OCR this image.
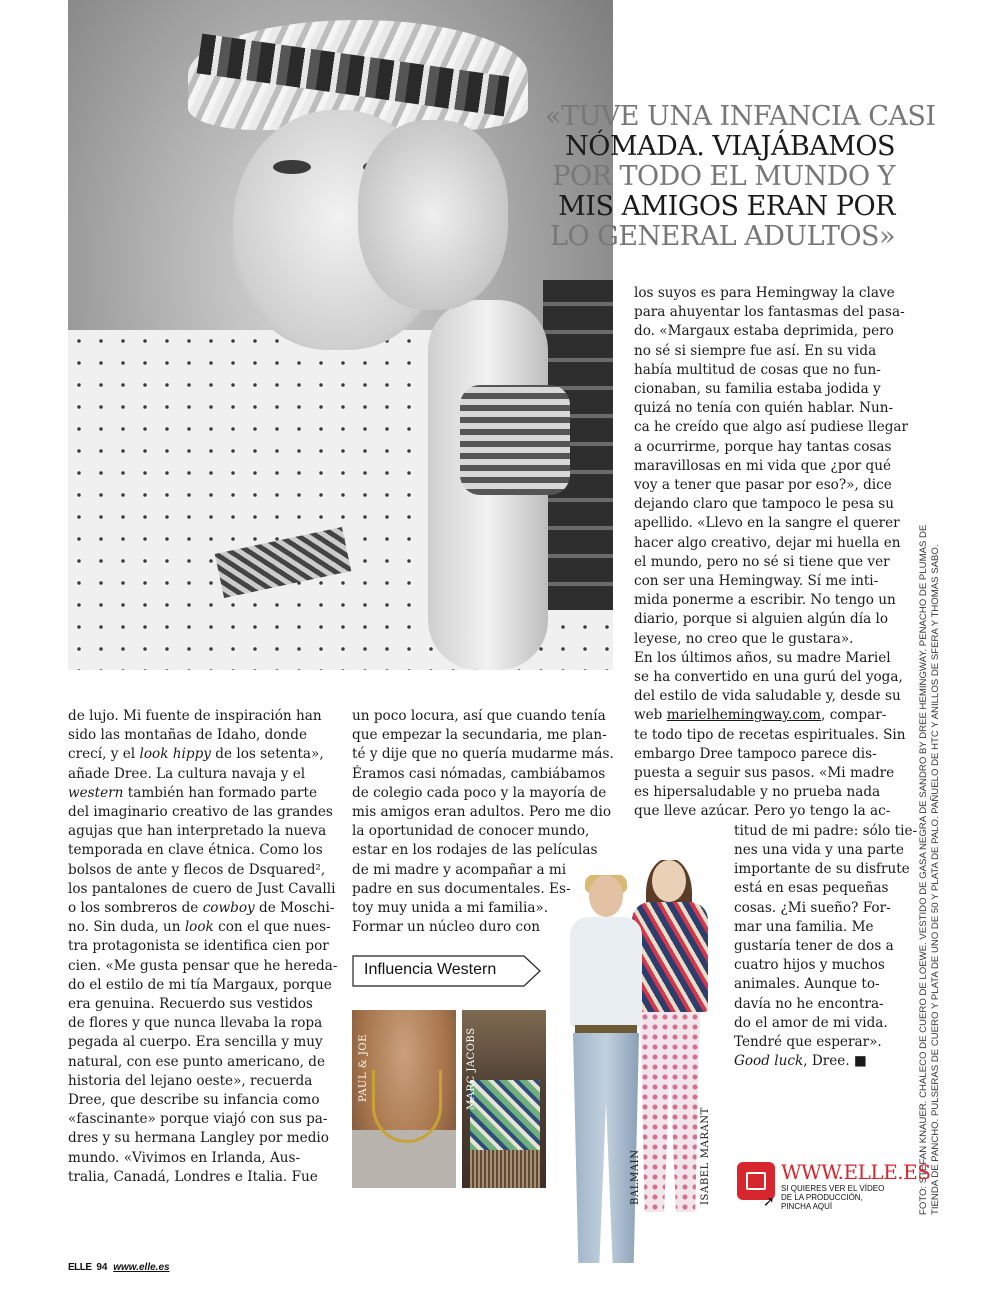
«TUVE UNA INFANCIA CASI
NÓMADA. VIAJÁBAMOS
POR TODO EL MUNDO Y
MIS AMIGOS ERAN POR
LO GENERAL ADULTOS»
los suyos es para Hemingway la clave
para ahuyentar los fantasmas del pasa-
do. «Margaux estaba deprimida, pero
no sé si siempre fue así. En su vida
había multitud de cosas que no fun-
cionaban, su familia estaba jodida y
quizá no tenía con quién hablar. Nun-
ca he creído que algo así pudiese llegar
a ocurrirme, porque hay tantas cosas
maravillosas en mi vida que ¿por qué
voy a tener que pasar por eso?», dice
dejando claro que tampoco le pesa su
apellido. «Llevo en la sangre el querer
hacer algo creativo, dejar mi huella en
el mundo, pero no sé si tiene que ver
con ser una Hemingway. Sí me inti-
mida ponerme a escribir. No tengo un
diario, porque si alguien algún día lo
leyese, no creo que le gustara».
En los últimos años, su madre Mariel
se ha convertido en una gurú del yoga,
del estilo de vida saludable y, desde su
web marielhemingway.com, compar-
te todo tipo de recetas espirituales. Sin
embargo Dree tampoco parece dis-
puesta a seguir sus pasos. «Mi madre
es hipersaludable y no prueba nada
que lleve azúcar. Pero yo tengo la ac-
titud de mi padre: sólo tie-
nes una vida y una parte
importante de su disfrute
está en esas pequeñas
cosas. ¿Mi sueño? For-
mar una familia. Me
gustaría tener de dos a
cuatro hijos y muchos
animales. Aunque to-
davía no he encontra-
do el amor de mi vida.
Tendré que esperar».
Good luck, Dree. ■
de lujo. Mi fuente de inspiración han
sido las montañas de Idaho, donde
crecí, y el look hippy de los setenta»,
añade Dree. La cultura navaja y el
western también han formado parte
del imaginario creativo de las grandes
agujas que han interpretado la nueva
temporada en clave étnica. Como los
bolsos de ante y flecos de Dsquared²,
los pantalones de cuero de Just Cavalli
o los sombreros de cowboy de Moschi-
no. Sin duda, un look con el que nues-
tra protagonista se identifica cien por
cien. «Me gusta pensar que he hereda-
do el estilo de mi tía Margaux, porque
era genuina. Recuerdo sus vestidos
de flores y que nunca llevaba la ropa
pegada al cuerpo. Era sencilla y muy
natural, con ese punto americano, de
historia del lejano oeste», recuerda
Dree, que describe su infancia como
«fascinante» porque viajó con sus pa-
dres y su hermana Langley por medio
mundo. «Vivimos en Irlanda, Aus-
tralia, Canadá, Londres e Italia. Fue
un poco locura, así que cuando tenía
que empezar la secundaria, me plan-
té y dije que no quería mudarme más.
Éramos casi nómadas, cambiábamos
de colegio cada poco y la mayoría de
mis amigos eran adultos. Pero me dio
la oportunidad de conocer mundo,
estar en los rodajes de las películas
de mi madre y acompañar a mi
padre en sus documentales. Es-
toy muy unida a mi familia».
Formar un núcleo duro con	FOTO: STEFAN KNAUER. CHALECO DE CUERO DE LOEWE. VESTIDO DE GASA NEGRA DE SANDRO BY DREE HEMINGWAY. PENACHO DE PLUMAS DE TIENDA DE PANCHO. PULSERAS DE CUERO Y PLATA DE UNO DE 50 Y PLATA DE PALO. PAÑUELO DE HTC Y ANILLOS DE SFERA Y THOMAS SABO.
Influencia Western
PAUL & JOE	MARC JACOBS
BALMAIN	ISABEL MARANT	WWW.ELLE.ES
SI QUIERES VER EL VÍDEO DE LA PRODUCCIÓN, PINCHA AQUÍ
➚
ELLE 94 www.elle.es
